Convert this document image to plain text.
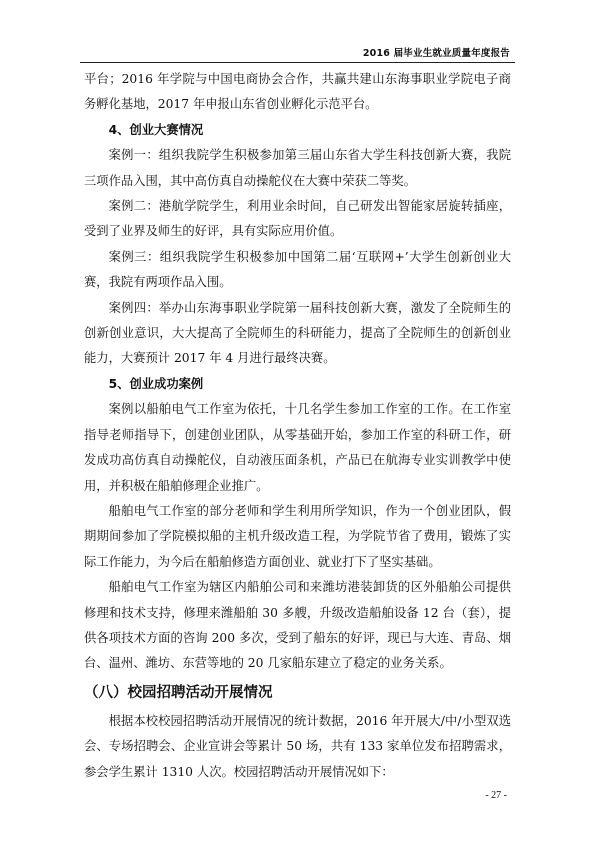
2016 届毕业生就业质量年度报告

平台；2016 年学院与中国电商协会合作，共赢共建山东海事职业学院电子商务孵化基地，2017 年申报山东省创业孵化示范平台。

4、创业大赛情况

案例一：组织我院学生积极参加第三届山东省大学生科技创新大赛，我院三项作品入围，其中高仿真自动操舵仪在大赛中荣获二等奖。

案例二：港航学院学生，利用业余时间，自己研发出智能家居旋转插座，受到了业界及师生的好评，具有实际应用价值。

案例三：组织我院学生积极参加中国第二届‘互联网+’大学生创新创业大赛，我院有两项作品入围。

案例四：举办山东海事职业学院第一届科技创新大赛，激发了全院师生的创新创业意识，大大提高了全院师生的科研能力，提高了全院师生的创新创业能力，大赛预计 2017 年 4 月进行最终决赛。

5、创业成功案例

案例以船舶电气工作室为依托，十几名学生参加工作室的工作。在工作室指导老师指导下，创建创业团队，从零基础开始，参加工作室的科研工作，研发成功高仿真自动操舵仪，自动液压面条机，产品已在航海专业实训教学中使用，并积极在船舶修理企业推广。

船舶电气工作室的部分老师和学生利用所学知识，作为一个创业团队，假期期间参加了学院模拟船的主机升级改造工程，为学院节省了费用，锻炼了实际工作能力，为今后在船舶修造方面创业、就业打下了坚实基础。

船舶电气工作室为辖区内船舶公司和来潍坊港装卸货的区外船舶公司提供修理和技术支持，修理来潍船舶 30 多艘，升级改造船舶设备 12 台（套），提供各项技术方面的咨询 200 多次，受到了船东的好评，现已与大连、青岛、烟台、温州、潍坊、东营等地的 20 几家船东建立了稳定的业务关系。

（八）校园招聘活动开展情况

根据本校校园招聘活动开展情况的统计数据，2016 年开展大/中/小型双选会、专场招聘会、企业宣讲会等累计 50 场，共有 133 家单位发布招聘需求，参会学生累计 1310 人次。校园招聘活动开展情况如下：

- 27 -
